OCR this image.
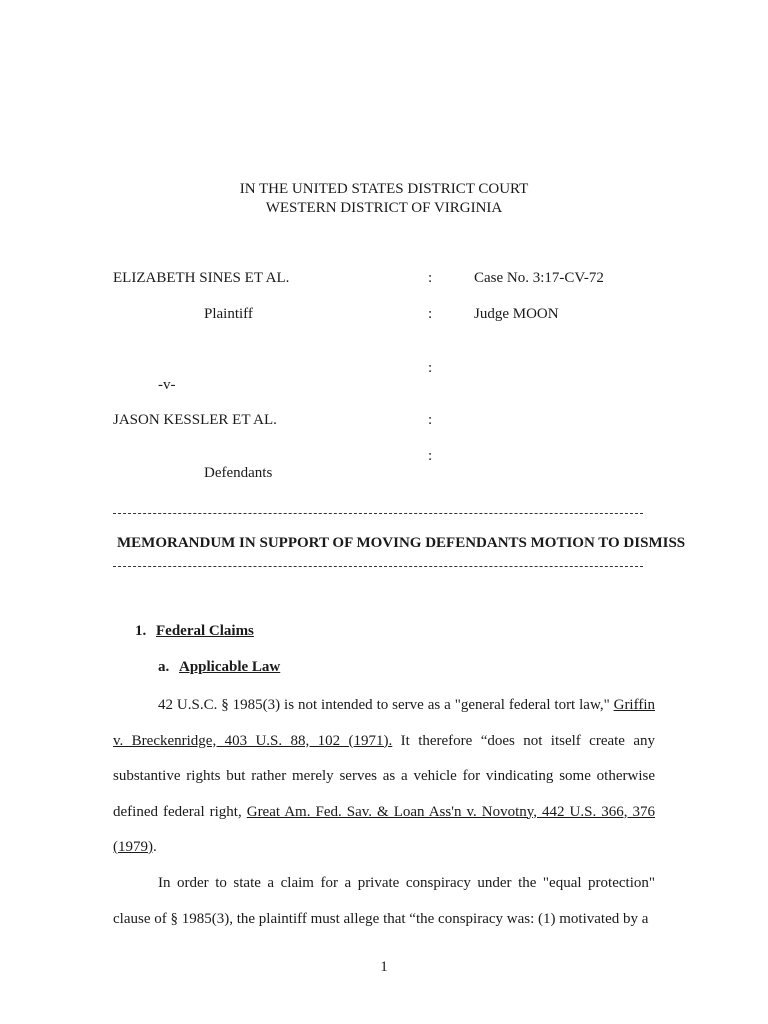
IN THE UNITED STATES DISTRICT COURT
WESTERN DISTRICT OF VIRGINIA
ELIZABETH SINES ET AL.	:	Case No. 3:17-CV-72
Plaintiff	:	Judge MOON
:
-v-
JASON KESSLER ET AL.	:
:
Defendants
MEMORANDUM IN SUPPORT OF MOVING DEFENDANTS MOTION TO DISMISS
1. Federal Claims
a. Applicable Law
42 U.S.C. § 1985(3) is not intended to serve as a "general federal tort law," Griffin v. Breckenridge, 403 U.S. 88, 102 (1971). It therefore “does not itself create any substantive rights but rather merely serves as a vehicle for vindicating some otherwise defined federal right, Great Am. Fed. Sav. & Loan Ass'n v. Novotny, 442 U.S. 366, 376 (1979).
In order to state a claim for a private conspiracy under the "equal protection" clause of § 1985(3), the plaintiff must allege that “the conspiracy was: (1) motivated by a
1
